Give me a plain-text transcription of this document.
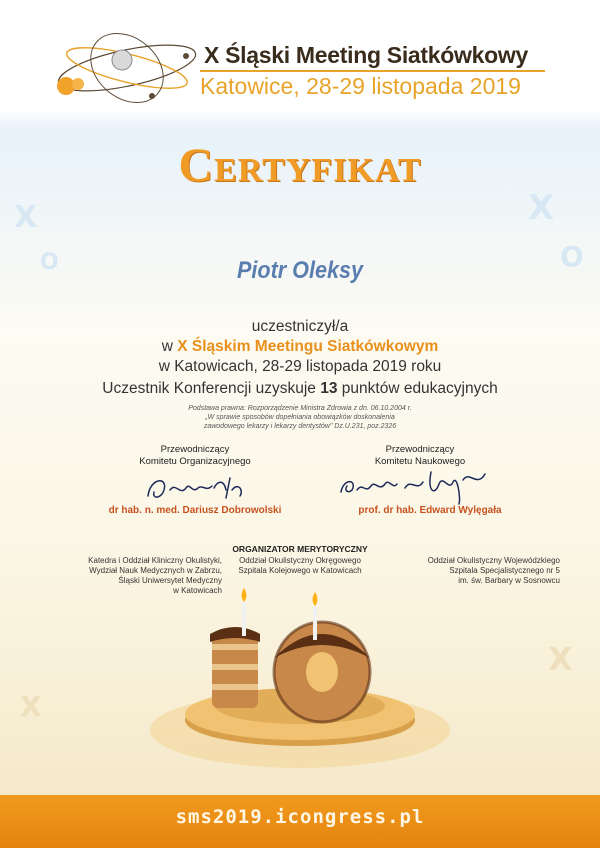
X
O
X
O
X
X
X Śląski Meeting Siatkówkowy
Katowice, 28-29 listopada 2019
Certyfikat
Piotr Oleksy
uczestniczył/a
w X Śląskim Meetingu Siatkówkowym
w Katowicach, 28-29 listopada 2019 roku
Uczestnik Konferencji uzyskuje 13 punktów edukacyjnych
Podstawa prawna: Rozporządzenie Ministra Zdrowia z dn. 06.10.2004 r.
„W sprawie sposobów dopełniania obowiązków doskonalenia
zawodowego lekarzy i lekarzy dentystów" Dz.U.231, poz.2326
Przewodniczący
Komitetu Organizacyjnego
dr hab. n. med. Dariusz Dobrowolski
Przewodniczący
Komitetu Naukowego
prof. dr hab. Edward Wylęgała
ORGANIZATOR MERYTORYCZNY
Katedra i Oddział Kliniczny Okulistyki,
Wydział Nauk Medycznych w Zabrzu,
Śląski Uniwersytet Medyczny
w Katowicach
Oddział Okulistyczny Okręgowego
Szpitala Kolejowego w Katowicach
Oddział Okulistyczny Wojewódzkiego
Szpitala Specjalistycznego nr 5
im. św. Barbary w Sosnowcu
sms2019.icongress.pl
